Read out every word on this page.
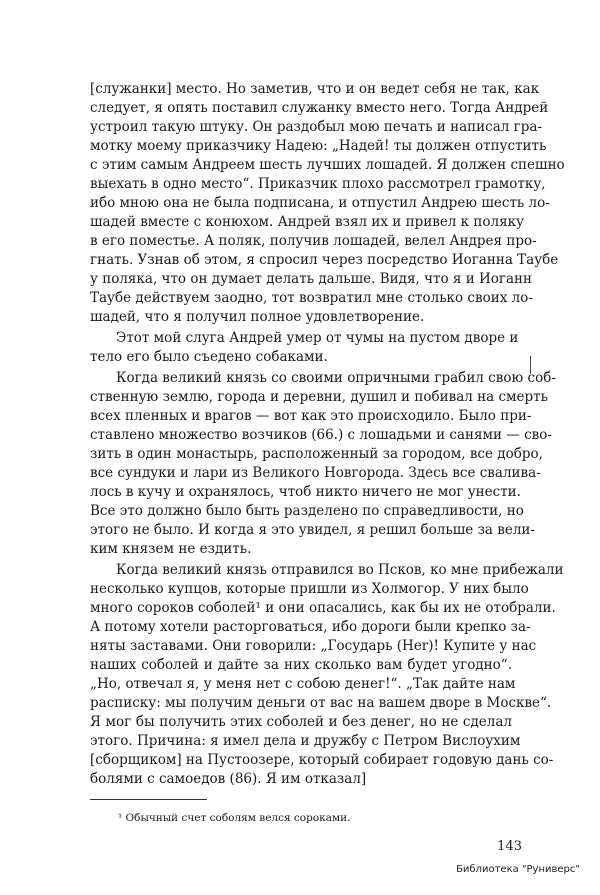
[служанки] место. Но заметив, что и он ведет себя не так, как
следует, я опять поставил служанку вместо него. Тогда Андрей
устроил такую штуку. Он раздобыл мою печать и написал гра-
мотку моему приказчику Надею: „Надей! ты должен отпустить
с этим самым Андреем шесть лучших лошадей. Я должен спешно
выехать в одно место“. Приказчик плохо рассмотрел грамотку,
ибо мною она не была подписана, и отпустил Андрею шесть ло-
шадей вместе с конюхом. Андрей взял их и привел к поляку
в его поместье. А поляк, получив лошадей, велел Андрея про-
гнать. Узнав об этом, я спросил через посредство Иоганна Таубе
у поляка, что он думает делать дальше. Видя, что я и Иоганн
Таубе действуем заодно, тот возвратил мне столько своих ло-
шадей, что я получил полное удовлетворение.
Этот мой слуга Андрей умер от чумы на пустом дворе и
тело его было съедено собаками.
Когда великий князь со своими опричными грабил свою соб-
ственную землю, города и деревни, душил и побивал на смерть
всех пленных и врагов — вот как это происходило. Было при-
ставлено множество возчиков (66.) с лошадьми и санями — сво-
зить в один монастырь, расположенный за городом, все добро,
все сундуки и лари из Великого Новгорода. Здесь все свалива-
лось в кучу и охранялось, чтоб никто ничего не мог унести.
Все это должно было быть разделено по справедливости, но
этого не было. И когда я это увидел, я решил больше за вели-
ким князем не ездить.
Когда великий князь отправился во Псков, ко мне прибежали
несколько купцов, которые пришли из Холмогор. У них было
много сороков соболей¹ и они опасались, как бы их не отобрали.
А потому хотели расторговаться, ибо дороги были крепко за-
няты заставами. Они говорили: „Государь (Her)! Купите у нас
наших соболей и дайте за них сколько вам будет угодно“.
¹ Обычный счет соболям велся сороками.
143
Библиотека "Руниверс"
„Но, отвечал я, у меня нет с собою денег!“. „Так дайте нам
расписку: мы получим деньги от вас на вашем дворе в Москве“.
Я мог бы получить этих соболей и без денег, но не сделал
этого. Причина: я имел дела и дружбу с Петром Вислоухим
[сборщиком] на Пустоозере, который собирает годовую дань со-
болями с самоедов (86). Я им отказал]
